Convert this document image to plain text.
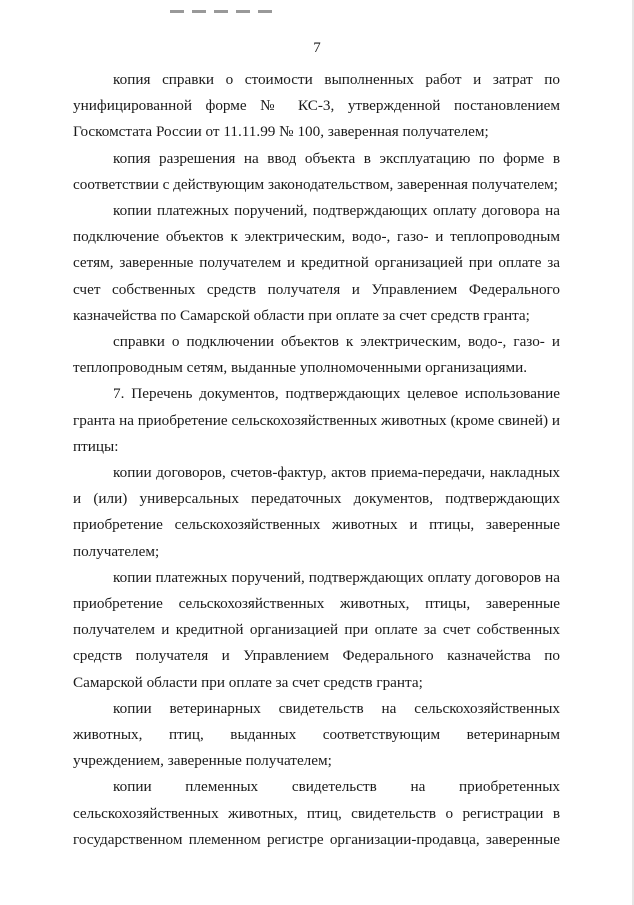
7

копия справки о стоимости выполненных работ и затрат по унифицированной форме № КС-3, утвержденной постановлением Госкомстата России от 11.11.99 № 100, заверенная получателем;

копия разрешения на ввод объекта в эксплуатацию по форме в соответствии с действующим законодательством, заверенная получателем;

копии платежных поручений, подтверждающих оплату договора на подключение объектов к электрическим, водо-, газо- и теплопроводным сетям, заверенные получателем и кредитной организацией при оплате за счет собственных средств получателя и Управлением Федерального казначейства по Самарской области при оплате за счет средств гранта;

справки о подключении объектов к электрическим, водо-, газо- и теплопроводным сетям, выданные уполномоченными организациями.

7. Перечень документов, подтверждающих целевое использование гранта на приобретение сельскохозяйственных животных (кроме свиней) и птицы:

копии договоров, счетов-фактур, актов приема-передачи, накладных и (или) универсальных передаточных документов, подтверждающих приобретение сельскохозяйственных животных и птицы, заверенные получателем;

копии платежных поручений, подтверждающих оплату договоров на приобретение сельскохозяйственных животных, птицы, заверенные получателем и кредитной организацией при оплате за счет собственных средств получателя и Управлением Федерального казначейства по Самарской области при оплате за счет средств гранта;

копии ветеринарных свидетельств на сельскохозяйственных животных, птиц, выданных соответствующим ветеринарным учреждением, заверенные получателем;

копии племенных свидетельств на приобретенных сельскохозяйственных животных, птиц, свидетельств о регистрации в государственном племенном регистре организации-продавца, заверенные
